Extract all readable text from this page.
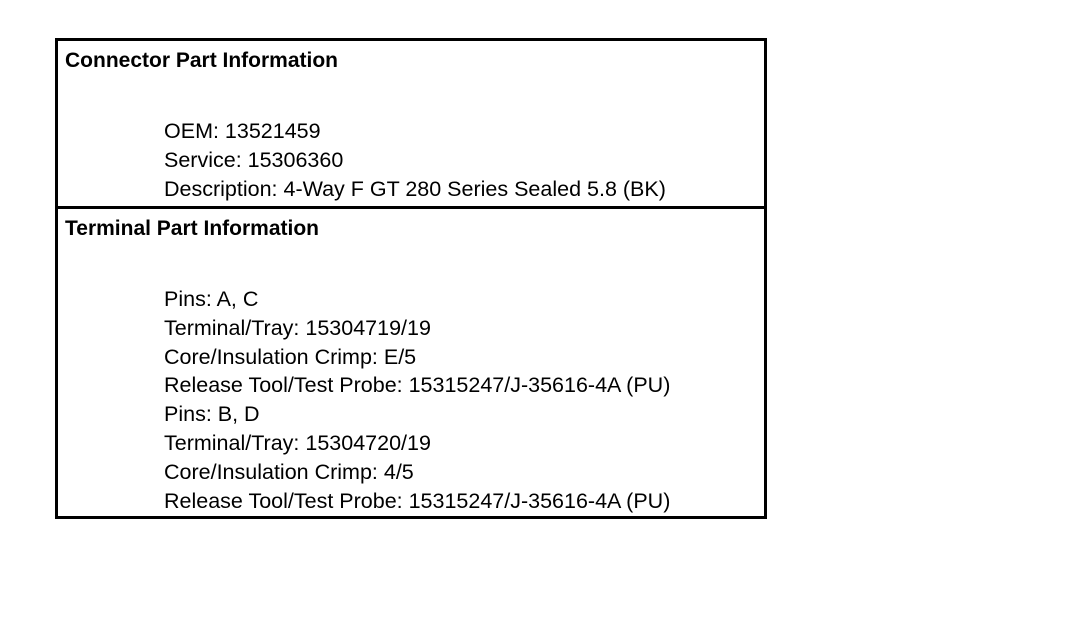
Connector Part Information
OEM: 13521459
Service: 15306360
Description: 4-Way F GT 280 Series Sealed 5.8 (BK)
Terminal Part Information
Pins: A, C
Terminal/Tray: 15304719/19
Core/Insulation Crimp: E/5
Release Tool/Test Probe: 15315247/J-35616-4A (PU)
Pins: B, D
Terminal/Tray: 15304720/19
Core/Insulation Crimp: 4/5
Release Tool/Test Probe: 15315247/J-35616-4A (PU)
